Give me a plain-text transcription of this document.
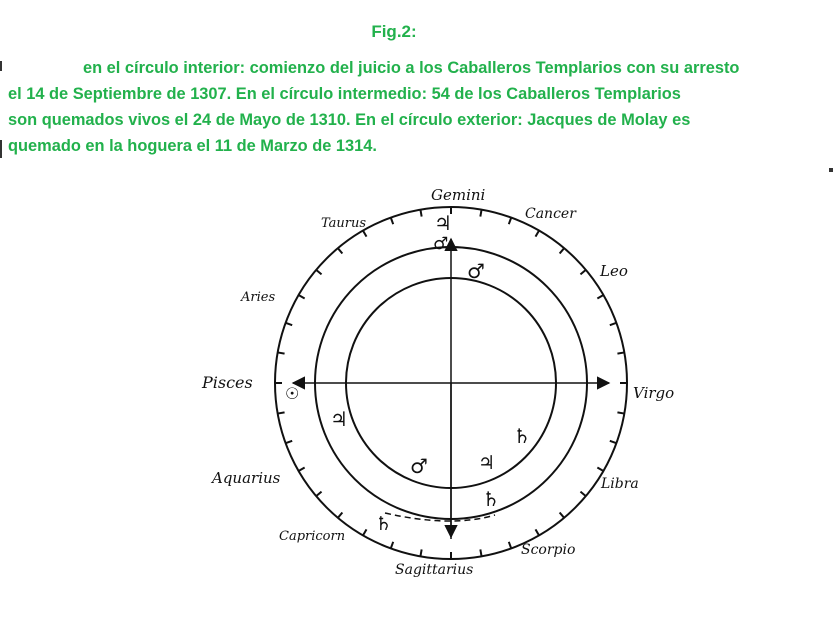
Fig.2:
en el círculo interior: comienzo del juicio a los Caballeros Templarios con su arresto
el 14 de Septiembre de 1307. En el círculo intermedio: 54 de los Caballeros Templarios
son quemados vivos el 24 de Mayo de 1310. En el círculo exterior: Jacques de Molay es
quemado en la hoguera el 11 de Marzo de 1314.
Gemini
Cancer
Leo
Virgo
Libra
Scorpio
Sagittarius
Capricorn
Aquarius
Pisces
Aries
Taurus	♃
♂
♂
☉
♃
♄
♂	♃
♄
♄
